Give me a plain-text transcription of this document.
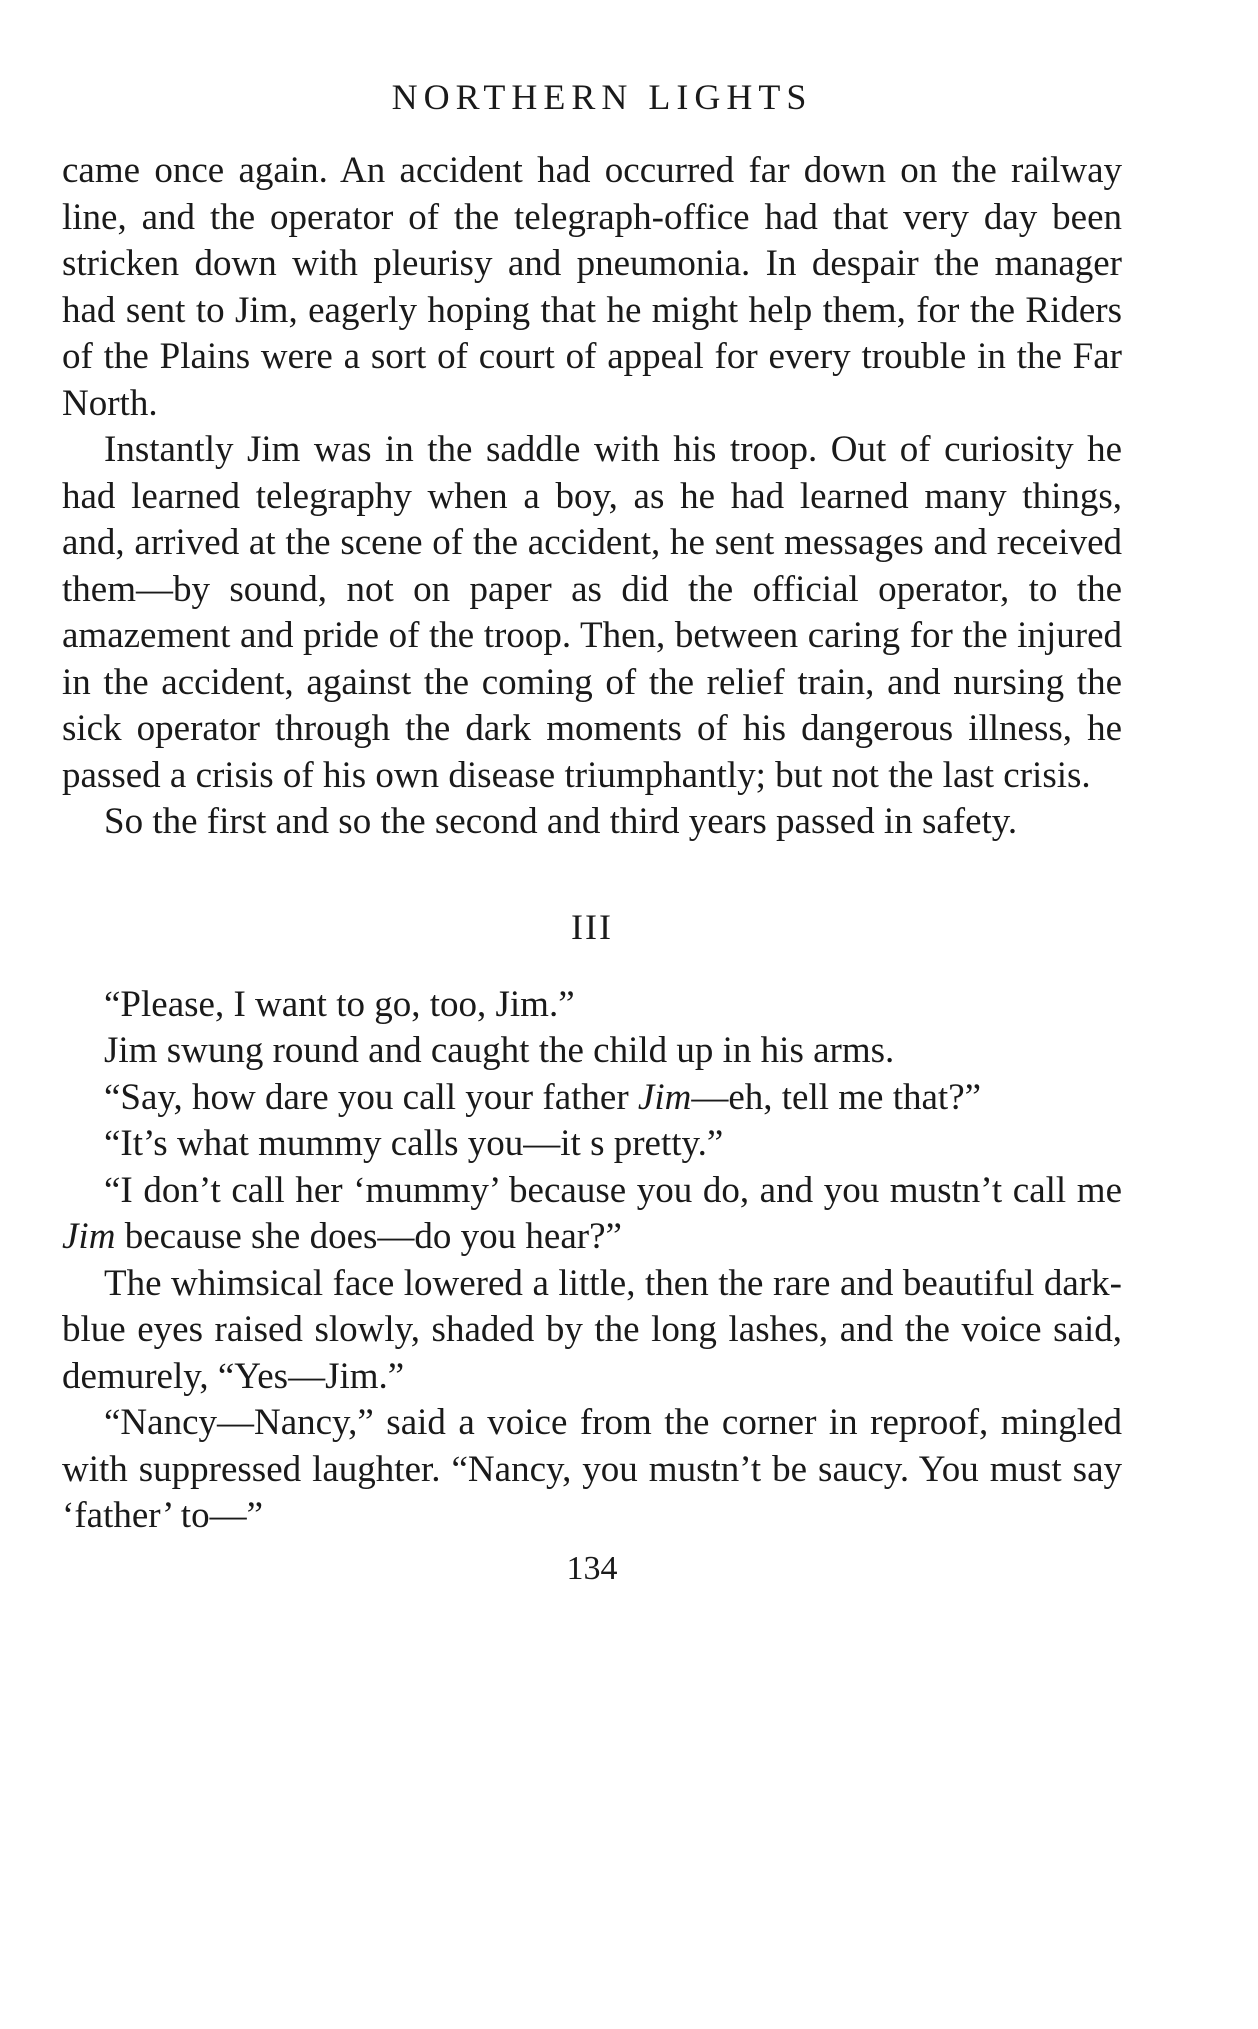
NORTHERN LIGHTS

came once again. An accident had occurred far down on the railway line, and the operator of the telegraph-office had that very day been stricken down with pleurisy and pneumonia. In despair the manager had sent to Jim, eagerly hoping that he might help them, for the Riders of the Plains were a sort of court of appeal for every trouble in the Far North.

Instantly Jim was in the saddle with his troop. Out of curiosity he had learned telegraphy when a boy, as he had learned many things, and, arrived at the scene of the accident, he sent messages and received them—by sound, not on paper as did the official operator, to the amazement and pride of the troop. Then, between caring for the injured in the accident, against the coming of the relief train, and nursing the sick operator through the dark moments of his dangerous illness, he passed a crisis of his own disease triumphantly; but not the last crisis.

So the first and so the second and third years passed in safety.

III

“Please, I want to go, too, Jim.”

Jim swung round and caught the child up in his arms.

“Say, how dare you call your father Jim—eh, tell me that?”

“It’s what mummy calls you—it s pretty.”

“I don’t call her ‘mummy’ because you do, and you mustn’t call me Jim because she does—do you hear?”

The whimsical face lowered a little, then the rare and beautiful dark-blue eyes raised slowly, shaded by the long lashes, and the voice said, demurely, “Yes—Jim.”

“Nancy—Nancy,” said a voice from the corner in reproof, mingled with suppressed laughter. “Nancy, you mustn’t be saucy. You must say ‘father’ to—”

134
